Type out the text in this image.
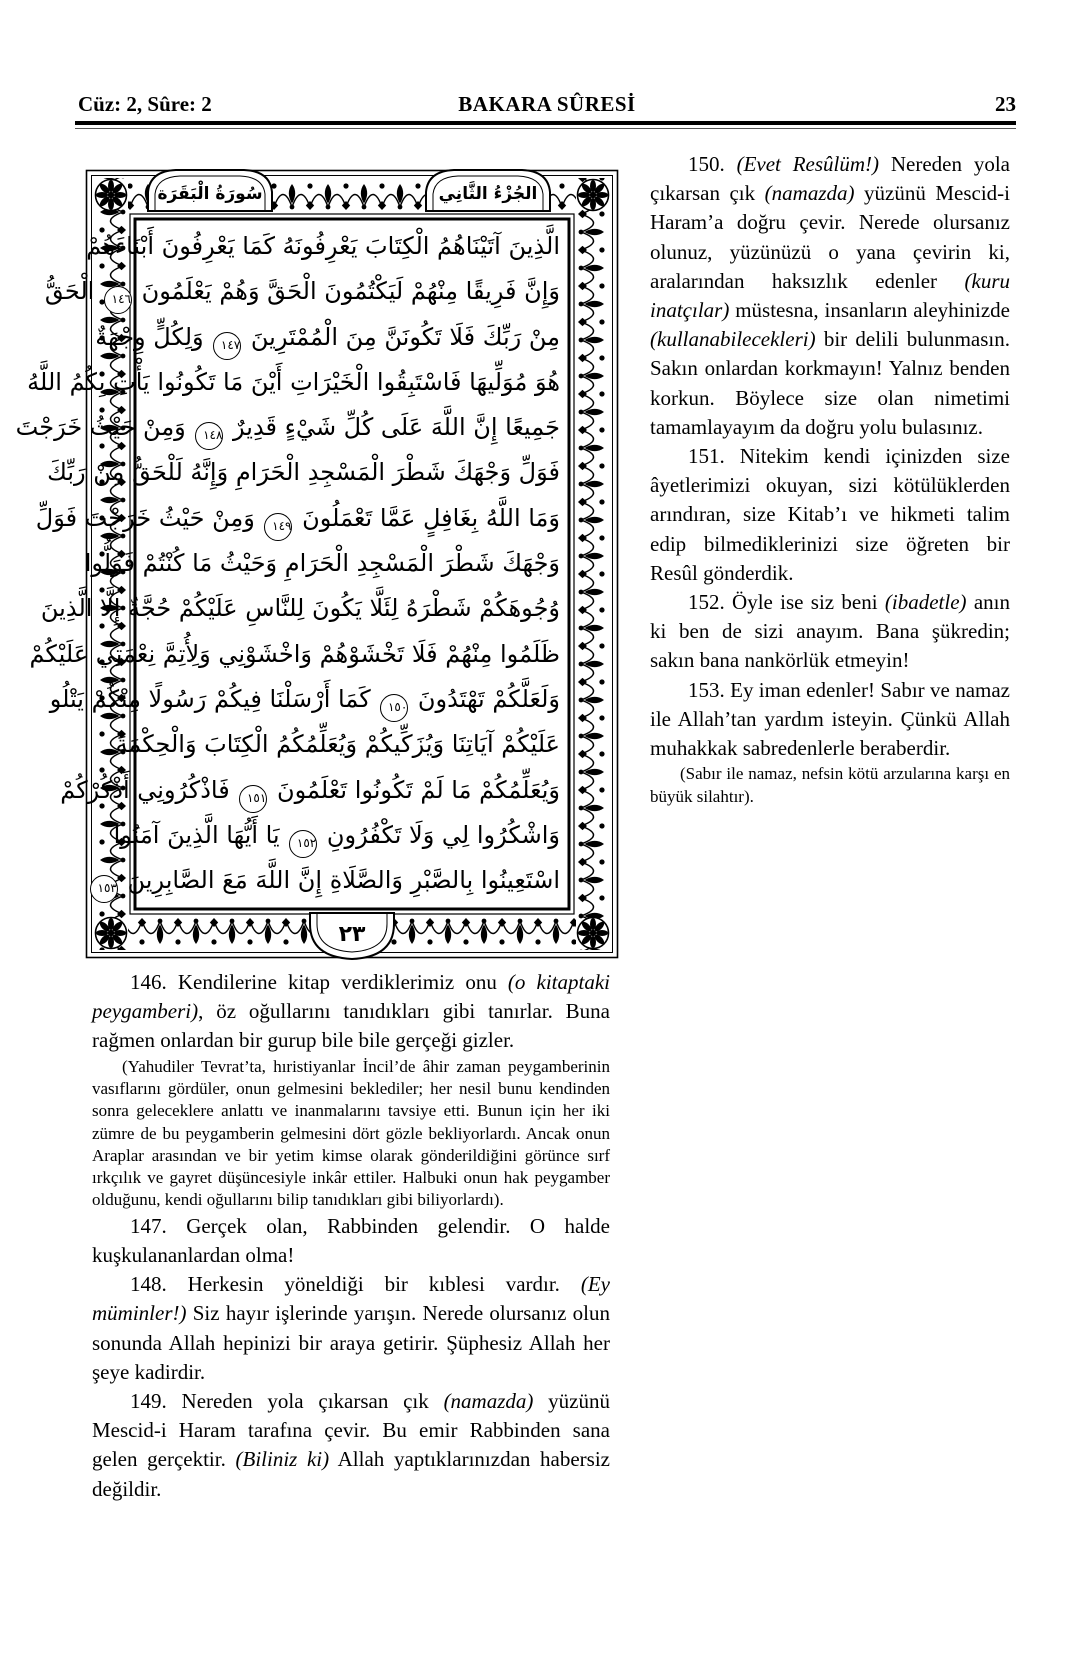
Cüz: 2, Sûre: 2	BAKARA SÛRESİ	23
سُورَةُ الْبَقَرَة	الجُزْءُ الثَّانِي
٢٣
الَّذِينَ آتَيْنَاهُمُ الْكِتَابَ يَعْرِفُونَهُ كَمَا يَعْرِفُونَ أَبْنَاءَهُمْ
وَإِنَّ فَرِيقًا مِنْهُمْ لَيَكْتُمُونَ الْحَقَّ وَهُمْ يَعْلَمُونَ ١٤٦ الْحَقُّ
مِنْ رَبِّكَ فَلَا تَكُونَنَّ مِنَ الْمُمْتَرِينَ ١٤٧ وَلِكُلٍّ وِجْهَةٌ
هُوَ مُوَلِّيهَا فَاسْتَبِقُوا الْخَيْرَاتِ أَيْنَ مَا تَكُونُوا يَأْتِ بِكُمُ اللَّهُ
جَمِيعًا إِنَّ اللَّهَ عَلَى كُلِّ شَيْءٍ قَدِيرٌ ١٤٨ وَمِنْ حَيْثُ خَرَجْتَ
فَوَلِّ وَجْهَكَ شَطْرَ الْمَسْجِدِ الْحَرَامِ وَإِنَّهُ لَلْحَقُّ مِنْ رَبِّكَ
وَمَا اللَّهُ بِغَافِلٍ عَمَّا تَعْمَلُونَ ١٤٩ وَمِنْ حَيْثُ خَرَجْتَ فَوَلِّ
وَجْهَكَ شَطْرَ الْمَسْجِدِ الْحَرَامِ وَحَيْثُ مَا كُنْتُمْ فَوَلُّوا
وُجُوهَكُمْ شَطْرَهُ لِئَلَّا يَكُونَ لِلنَّاسِ عَلَيْكُمْ حُجَّةٌ إِلَّا الَّذِينَ
ظَلَمُوا مِنْهُمْ فَلَا تَخْشَوْهُمْ وَاخْشَوْنِي وَلِأُتِمَّ نِعْمَتِي عَلَيْكُمْ
وَلَعَلَّكُمْ تَهْتَدُونَ ١٥٠ كَمَا أَرْسَلْنَا فِيكُمْ رَسُولًا مِنْكُمْ يَتْلُو
عَلَيْكُمْ آيَاتِنَا وَيُزَكِّيكُمْ وَيُعَلِّمُكُمُ الْكِتَابَ وَالْحِكْمَةَ
وَيُعَلِّمُكُمْ مَا لَمْ تَكُونُوا تَعْلَمُونَ ١٥١ فَاذْكُرُونِي أَذْكُرْكُمْ
وَاشْكُرُوا لِي وَلَا تَكْفُرُونِ ١٥٢ يَا أَيُّهَا الَّذِينَ آمَنُوا
اسْتَعِينُوا بِالصَّبْرِ وَالصَّلَاةِ إِنَّ اللَّهَ مَعَ الصَّابِرِينَ ١٥٣

150. (Evet Resûlüm!) Nereden yola çıkarsan çık (namazda) yüzünü Mescid-i Haram’a doğru çevir. Nerede olursanız olunuz, yüzünüzü o yana çevirin ki, aralarından haksızlık edenler (kuru inatçılar) müstesna, insanların aleyhinizde (kullanabilecekleri) bir delili bulunmasın. Sakın onlardan korkmayın! Yalnız benden korkun. Böylece size olan nimetimi tamamlayayım da doğru yolu bulasınız.

151. Nitekim kendi içinizden size âyetlerimizi okuyan, sizi kötülüklerden arındıran, size Kitab’ı ve hikmeti talim edip bilmediklerinizi size öğreten bir Resûl gönderdik.

152. Öyle ise siz beni (ibadetle) anın ki ben de sizi anayım. Bana şükredin; sakın bana nankörlük etmeyin!

153. Ey iman edenler! Sabır ve namaz ile Allah’tan yardım isteyin. Çünkü Allah muhakkak sabredenlerle beraberdir.

(Sabır ile namaz, nefsin kötü arzularına karşı en büyük silahtır).

146. Kendilerine kitap verdiklerimiz onu (o kitaptaki peygamberi), öz oğullarını tanıdıkları gibi tanırlar. Buna rağmen onlardan bir gurup bile bile gerçeği gizler.

(Yahudiler Tevrat’ta, hıristiyanlar İncil’de âhir zaman peygamberinin vasıflarını gördüler, onun gelmesini beklediler; her nesil bunu kendinden sonra geleceklere anlattı ve inanmalarını tavsiye etti. Bunun için her iki zümre de bu peygamberin gelmesini dört gözle bekliyorlardı. Ancak onun Araplar arasından ve bir yetim kimse olarak gönderildiğini görünce sırf ırkçılık ve gayret düşüncesiyle inkâr ettiler. Halbuki onun hak peygamber olduğunu, kendi oğullarını bilip tanıdıkları gibi biliyorlardı).

147. Gerçek olan, Rabbinden gelendir. O halde kuşkulananlardan olma!

148. Herkesin yöneldiği bir kıblesi vardır. (Ey müminler!) Siz hayır işlerinde yarışın. Nerede olursanız olun sonunda Allah hepinizi bir araya getirir. Şüphesiz Allah her şeye kadirdir.

149. Nereden yola çıkarsan çık (namazda) yüzünü Mescid-i Haram tarafına çevir. Bu emir Rabbinden sana gelen gerçektir. (Biliniz ki) Allah yaptıklarınızdan habersiz değildir.
